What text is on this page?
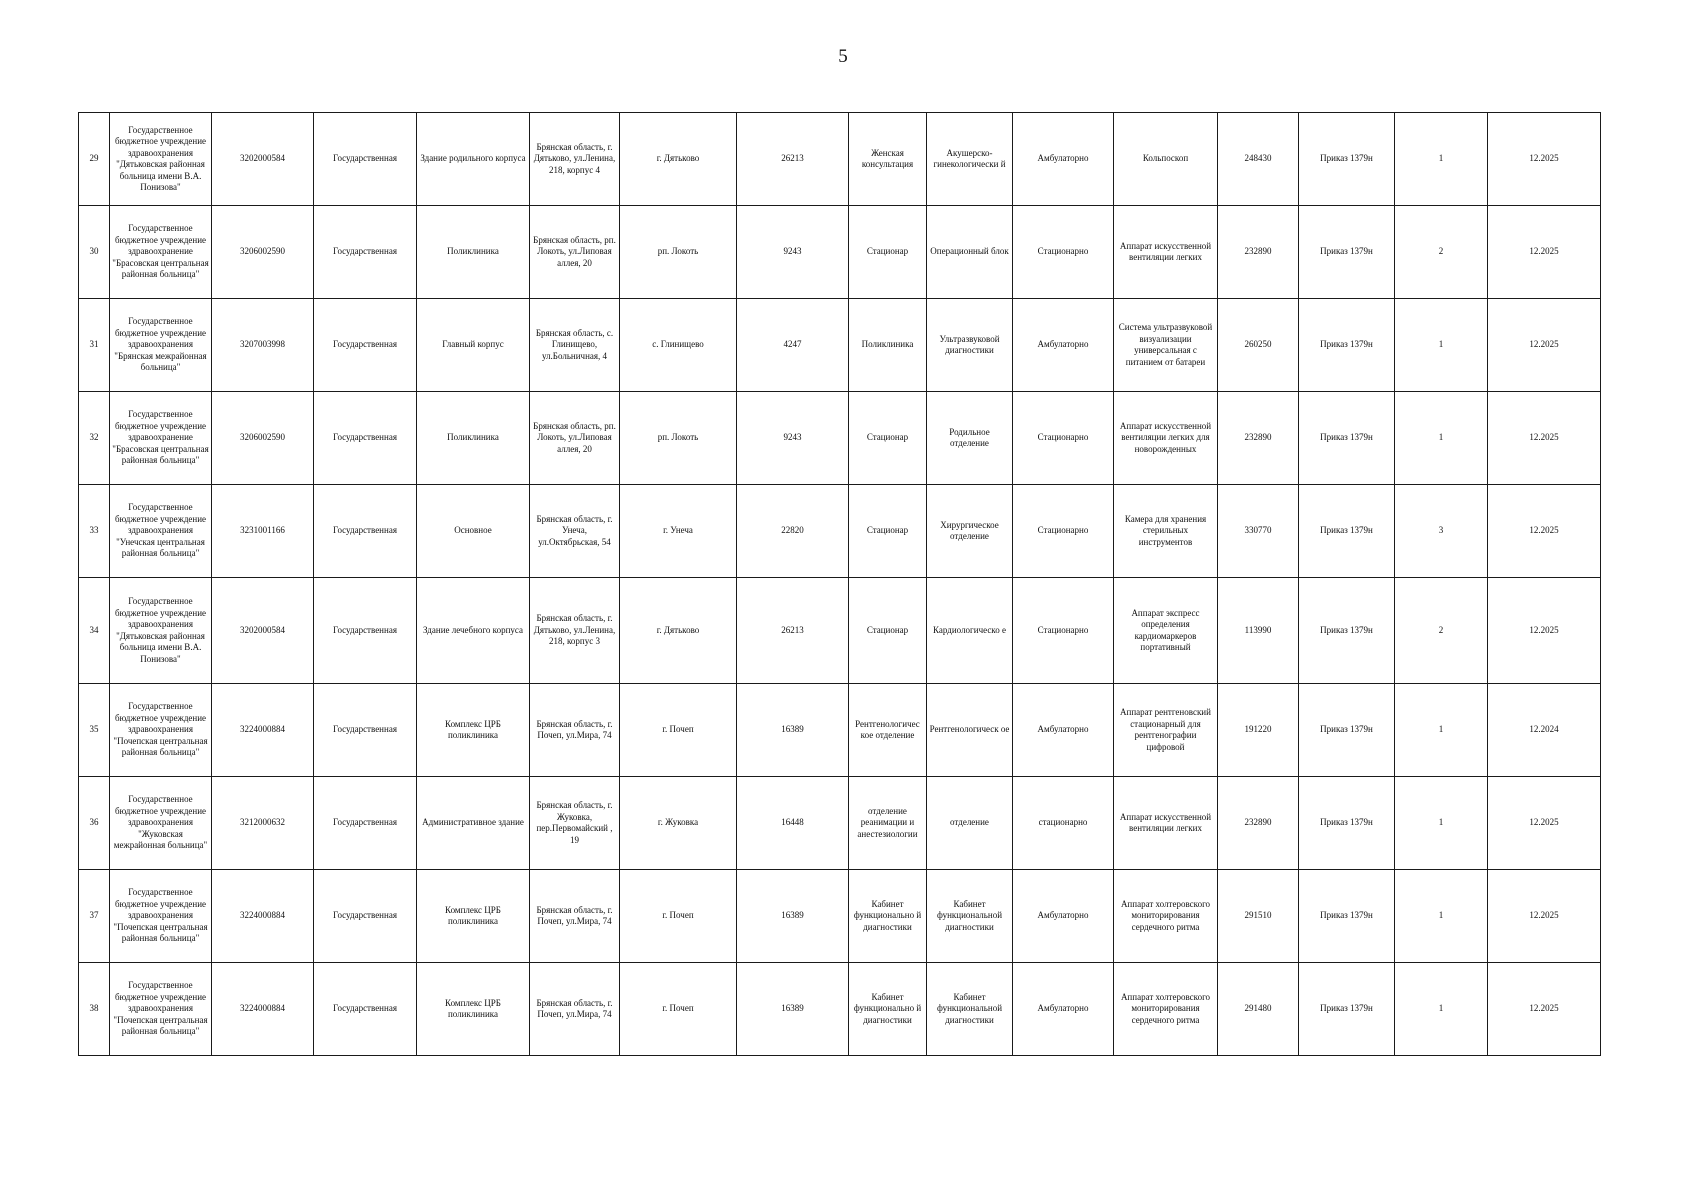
5
29	Государственное бюджетное учреждение здравоохранения "Дятьковская районная больница имени В.А. Понизова"	3202000584	Государственная	Здание родильного корпуса	Брянская область, г. Дятьково, ул.Ленина, 218, корпус 4	г. Дятьково	26213	Женская консультация	Акушерско-гинекологически й	Амбулаторно	Кольпоскоп	248430	Приказ 1379н	1	12.2025
30	Государственное бюджетное учреждение здравоохранение "Брасовская центральная районная больница"	3206002590	Государственная	Поликлиника	Брянская область, рп. Локоть, ул.Липовая аллея, 20	рп. Локоть	9243	Стационар	Операционный блок	Стационарно	Аппарат искусственной вентиляции легких	232890	Приказ 1379н	2	12.2025
31	Государственное бюджетное учреждение здравоохранения "Брянская межрайонная больница"	3207003998	Государственная	Главный корпус	Брянская область, с. Глинищево, ул.Больничная, 4	с. Глинищево	4247	Поликлиника	Ультразвуковой диагностики	Амбулаторно	Система ультразвуковой визуализации универсальная с питанием от батареи	260250	Приказ 1379н	1	12.2025
32	Государственное бюджетное учреждение здравоохранение "Брасовская центральная районная больница"	3206002590	Государственная	Поликлиника	Брянская область, рп. Локоть, ул.Липовая аллея, 20	рп. Локоть	9243	Стационар	Родильное отделение	Стационарно	Аппарат искусственной вентиляции легких для новорожденных	232890	Приказ 1379н	1	12.2025
33	Государственное бюджетное учреждение здравоохранения "Унечская центральная районная больница"	3231001166	Государственная	Основное	Брянская область, г. Унеча, ул.Октябрьская, 54	г. Унеча	22820	Стационар	Хирургическое отделение	Стационарно	Камера для хранения стерильных инструментов	330770	Приказ 1379н	3	12.2025
34	Государственное бюджетное учреждение здравоохранения "Дятьковская районная больница имени В.А. Понизова"	3202000584	Государственная	Здание лечебного корпуса	Брянская область, г. Дятьково, ул.Ленина, 218, корпус 3	г. Дятьково	26213	Стационар	Кардиологическо е	Стационарно	Аппарат экспресс определения кардиомаркеров портативный	113990	Приказ 1379н	2	12.2025
35	Государственное бюджетное учреждение здравоохранения "Почепская центральная районная больница"	3224000884	Государственная	Комплекс ЦРБ поликлиника	Брянская область, г. Почеп, ул.Мира, 74	г. Почеп	16389	Рентгенологичес кое отделение	Рентгенологическ ое	Амбулаторно	Аппарат рентгеновский стационарный для рентгенографии цифровой	191220	Приказ 1379н	1	12.2024
36	Государственное бюджетное учреждение здравоохранения "Жуковская межрайонная больница"	3212000632	Государственная	Административное здание	Брянская область, г. Жуковка, пер.Первомайский , 19	г. Жуковка	16448	отделение реанимации и анестезиологии	отделение	стационарно	Аппарат искусственной вентиляции легких	232890	Приказ 1379н	1	12.2025
37	Государственное бюджетное учреждение здравоохранения "Почепская центральная районная больница"	3224000884	Государственная	Комплекс ЦРБ поликлиника	Брянская область, г. Почеп, ул.Мира, 74	г. Почеп	16389	Кабинет функционально й диагностики	Кабинет функциональной диагностики	Амбулаторно	Аппарат холтеровского мониторирования сердечного ритма	291510	Приказ 1379н	1	12.2025
38	Государственное бюджетное учреждение здравоохранения "Почепская центральная районная больница"	3224000884	Государственная	Комплекс ЦРБ поликлиника	Брянская область, г. Почеп, ул.Мира, 74	г. Почеп	16389	Кабинет функционально й диагностики	Кабинет функциональной диагностики	Амбулаторно	Аппарат холтеровского мониторирования сердечного ритма	291480	Приказ 1379н	1	12.2025
